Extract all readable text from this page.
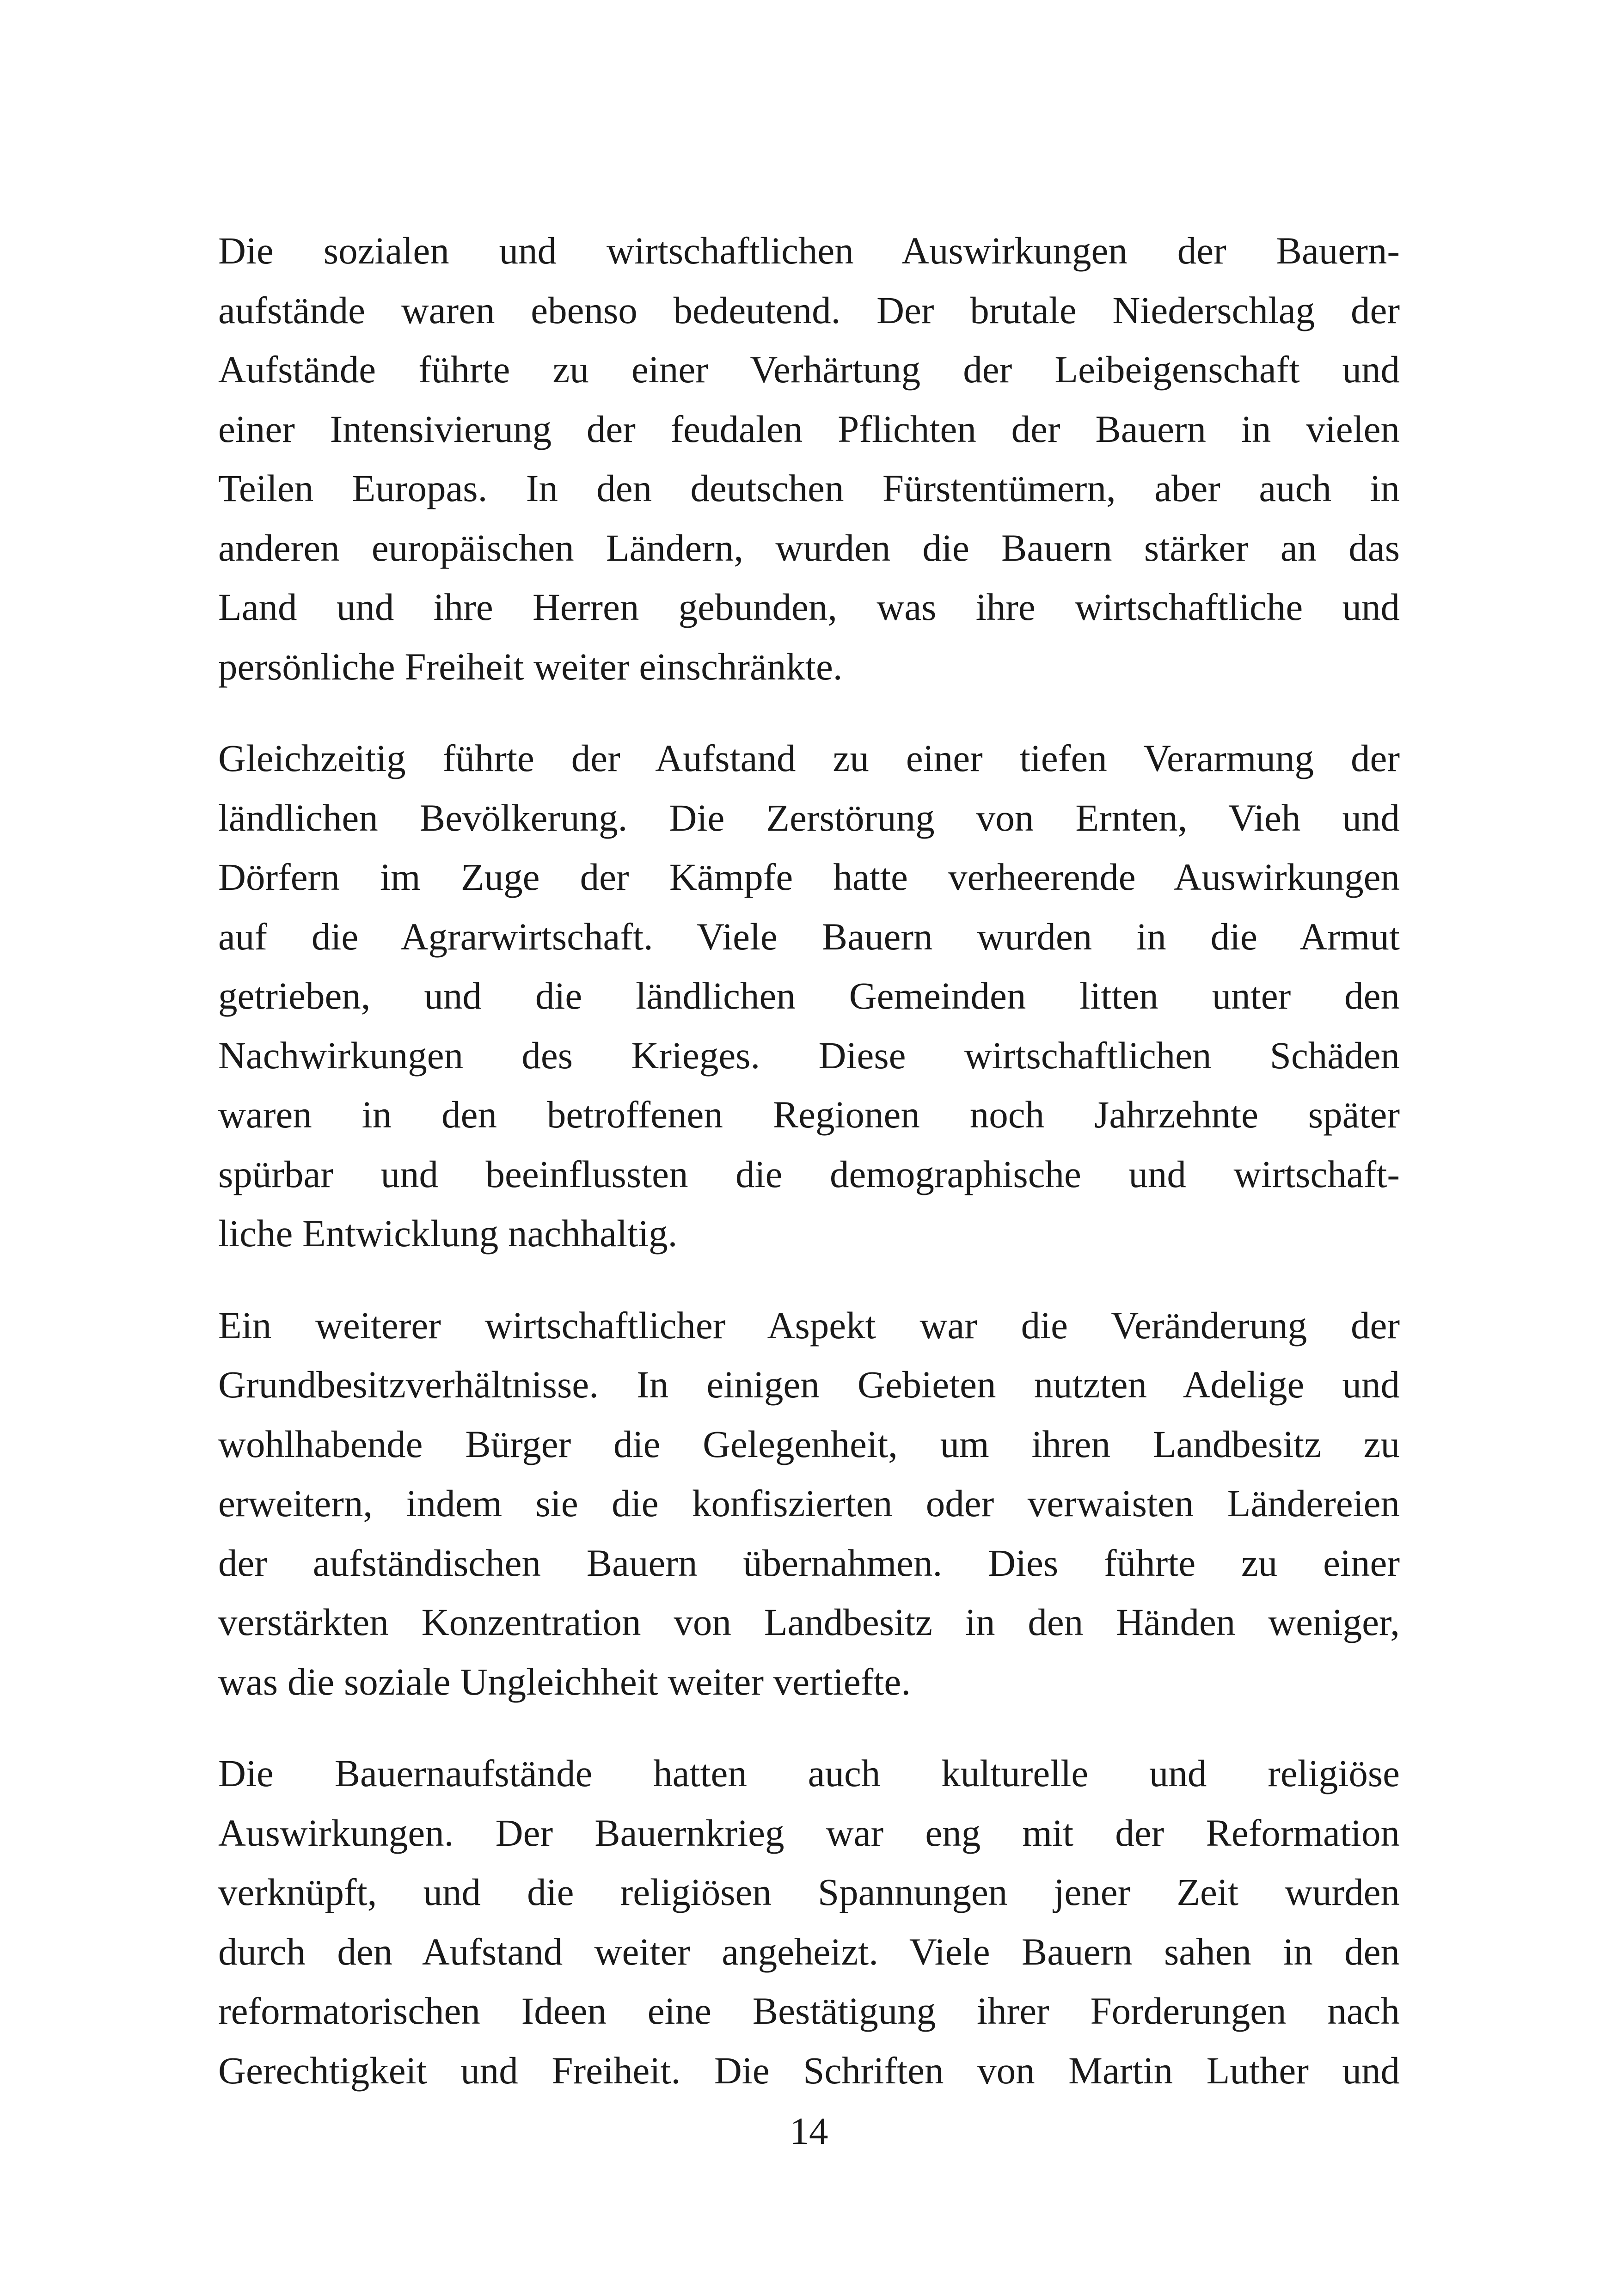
Die sozialen und wirtschaftlichen Auswirkungen der Bauern-
aufstände waren ebenso bedeutend. Der brutale Niederschlag der
Aufstände führte zu einer Verhärtung der Leibeigenschaft und
einer Intensivierung der feudalen Pflichten der Bauern in vielen
Teilen Europas. In den deutschen Fürstentümern, aber auch in
anderen europäischen Ländern, wurden die Bauern stärker an das
Land und ihre Herren gebunden, was ihre wirtschaftliche und
persönliche Freiheit weiter einschränkte.

Gleichzeitig führte der Aufstand zu einer tiefen Verarmung der
ländlichen Bevölkerung. Die Zerstörung von Ernten, Vieh und
Dörfern im Zuge der Kämpfe hatte verheerende Auswirkungen
auf die Agrarwirtschaft. Viele Bauern wurden in die Armut
getrieben, und die ländlichen Gemeinden litten unter den
Nachwirkungen des Krieges. Diese wirtschaftlichen Schäden
waren in den betroffenen Regionen noch Jahrzehnte später
spürbar und beeinflussten die demographische und wirtschaft-
liche Entwicklung nachhaltig.

Ein weiterer wirtschaftlicher Aspekt war die Veränderung der
Grundbesitzverhältnisse. In einigen Gebieten nutzten Adelige und
wohlhabende Bürger die Gelegenheit, um ihren Landbesitz zu
erweitern, indem sie die konfiszierten oder verwaisten Ländereien
der aufständischen Bauern übernahmen. Dies führte zu einer
verstärkten Konzentration von Landbesitz in den Händen weniger,
was die soziale Ungleichheit weiter vertiefte.

Die Bauernaufstände hatten auch kulturelle und religiöse
Auswirkungen. Der Bauernkrieg war eng mit der Reformation
verknüpft, und die religiösen Spannungen jener Zeit wurden
durch den Aufstand weiter angeheizt. Viele Bauern sahen in den
reformatorischen Ideen eine Bestätigung ihrer Forderungen nach
Gerechtigkeit und Freiheit. Die Schriften von Martin Luther und

14
